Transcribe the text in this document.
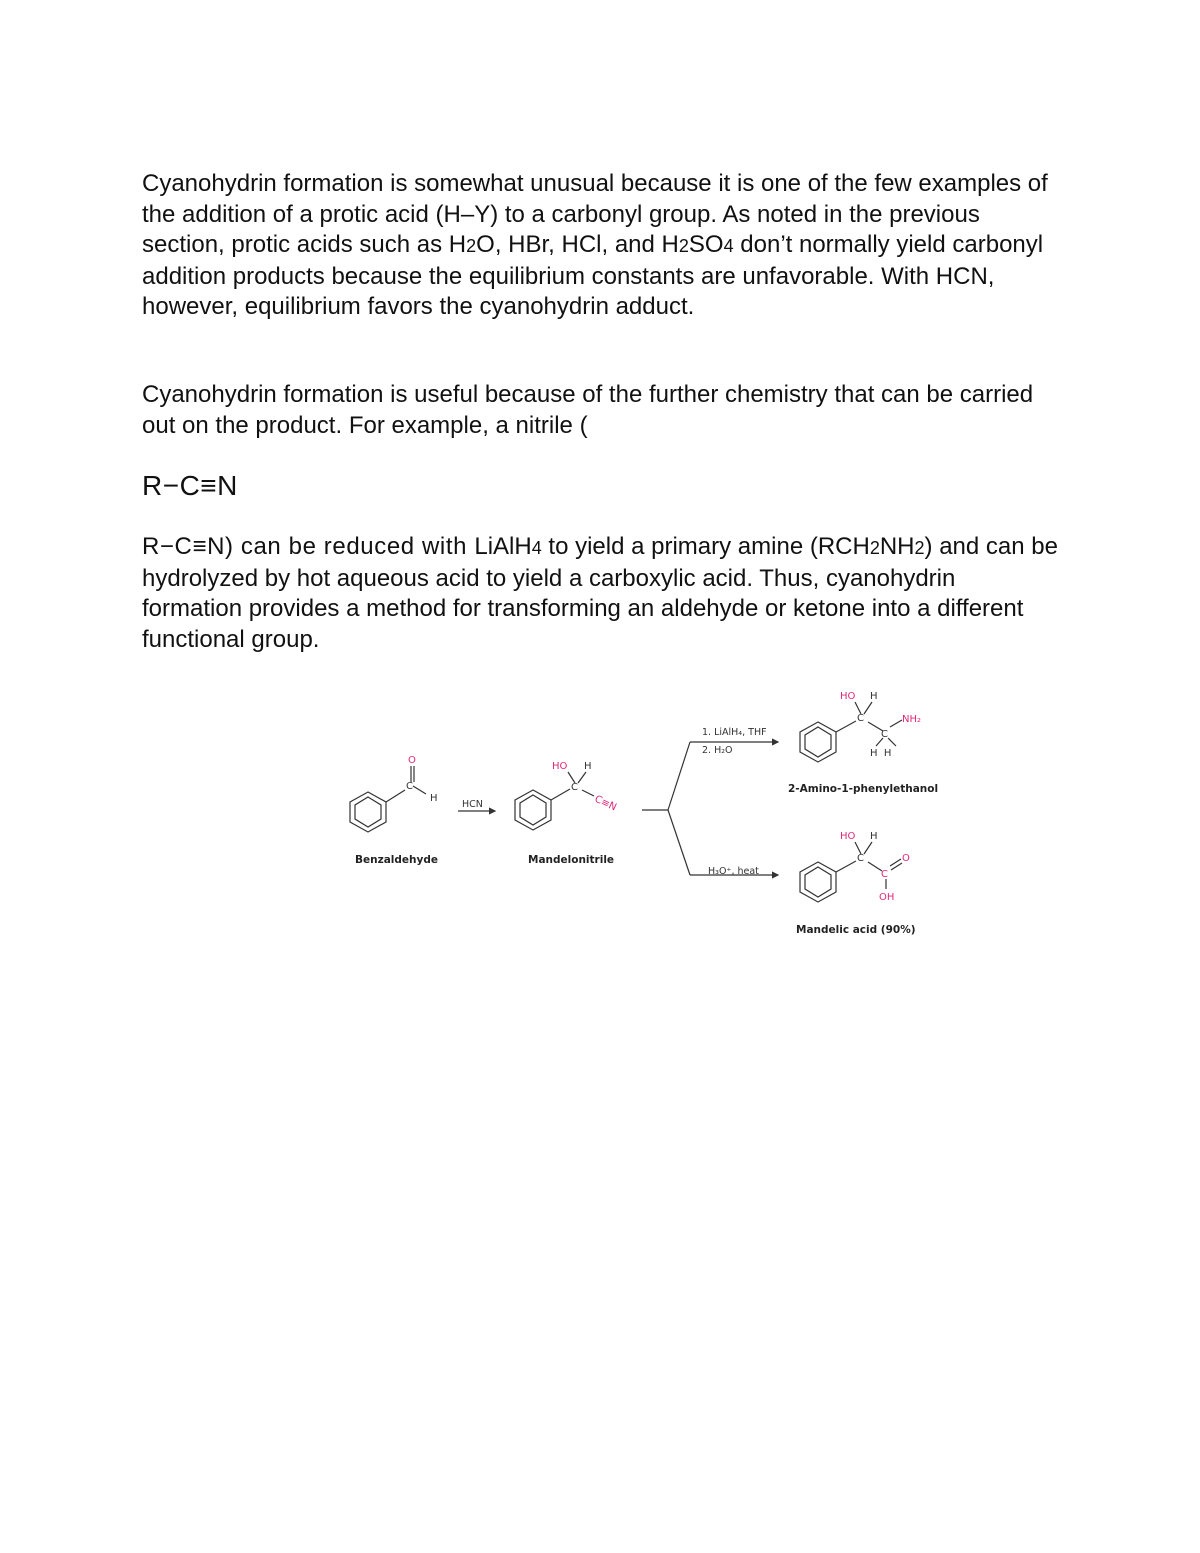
Cyanohydrin formation is somewhat unusual because it is one of the few examples of the addition of a protic acid (H–Y) to a carbonyl group. As noted in the previous section, protic acids such as H2O, HBr, HCl, and H2SO4 don’t normally yield carbonyl addition products because the equilibrium constants are unfavorable. With HCN, however, equilibrium favors the cyanohydrin adduct.

Cyanohydrin formation is useful because of the further chemistry that can be carried out on the product. For example, a nitrile (

R−C≡N

R−C≡N) can be reduced with LiAlH4 to yield a primary amine (RCH2NH2) and can be hydrolyzed by hot aqueous acid to yield a carboxylic acid. Thus, cyanohydrin formation provides a method for transforming an aldehyde or ketone into a different functional group.

O
C
H
Benzaldehyde
HCN
HO H
C
C≡N
Mandelonitrile
1. LiAlH₄, THF
2. H₂O
H₃O⁺, heat
HO H
C
C
NH₂
H  H
2-Amino-1-phenylethanol
HO H
C
C
O
OH
Mandelic acid (90%)
